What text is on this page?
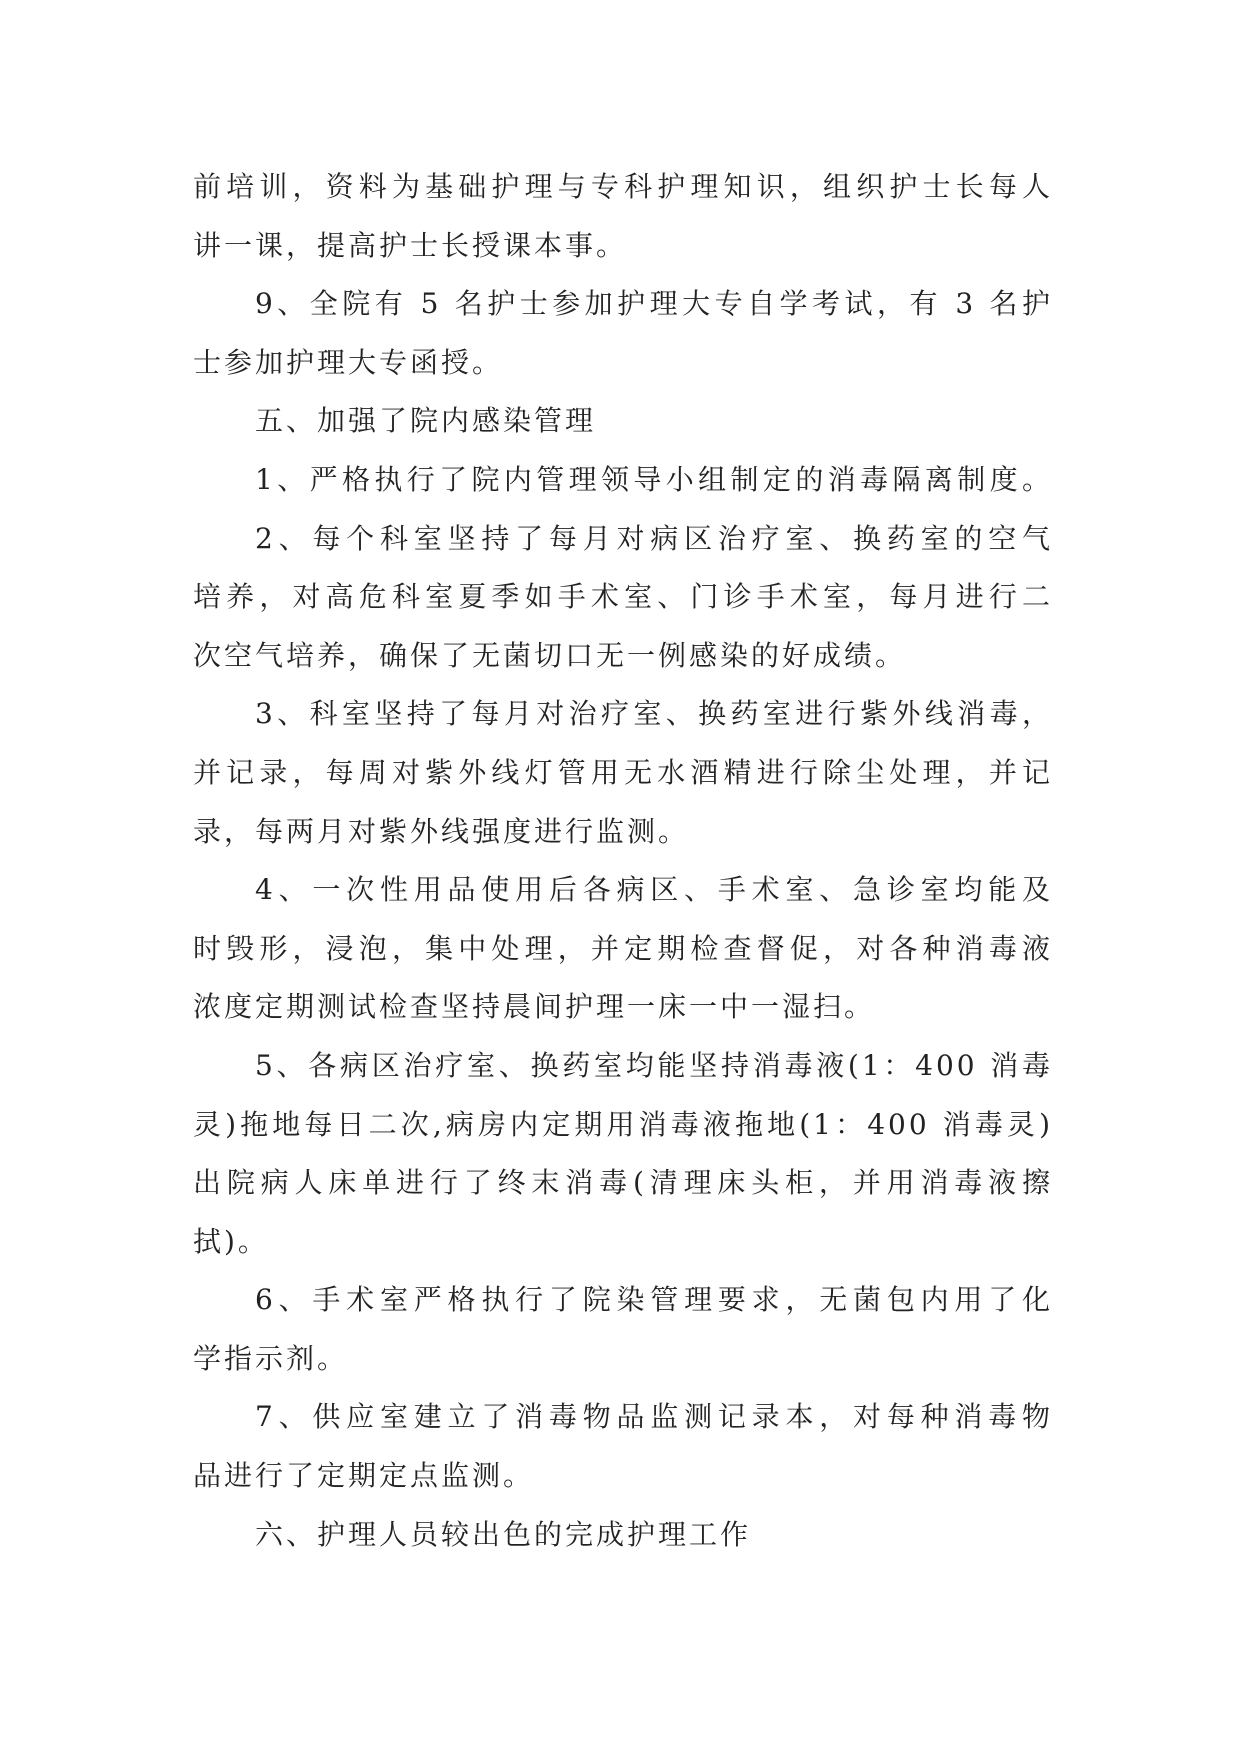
前培训，资料为基础护理与专科护理知识，组织护士长每人
讲一课，提高护士长授课本事。
9、全院有 5 名护士参加护理大专自学考试，有 3 名护
士参加护理大专函授。
五、加强了院内感染管理
1、严格执行了院内管理领导小组制定的消毒隔离制度。
2、每个科室坚持了每月对病区治疗室、换药室的空气
培养，对高危科室夏季如手术室、门诊手术室，每月进行二
次空气培养，确保了无菌切口无一例感染的好成绩。
3、科室坚持了每月对治疗室、换药室进行紫外线消毒，
并记录，每周对紫外线灯管用无水酒精进行除尘处理，并记
录，每两月对紫外线强度进行监测。
4、一次性用品使用后各病区、手术室、急诊室均能及
时毁形，浸泡，集中处理，并定期检查督促，对各种消毒液
浓度定期测试检查坚持晨间护理一床一中一湿扫。
5、各病区治疗室、换药室均能坚持消毒液(1：400 消毒
灵)拖地每日二次,病房内定期用消毒液拖地(1：400 消毒灵)
出院病人床单进行了终末消毒(清理床头柜，并用消毒液擦
拭)。
6、手术室严格执行了院染管理要求，无菌包内用了化
学指示剂。
7、供应室建立了消毒物品监测记录本，对每种消毒物
品进行了定期定点监测。
六、护理人员较出色的完成护理工作
